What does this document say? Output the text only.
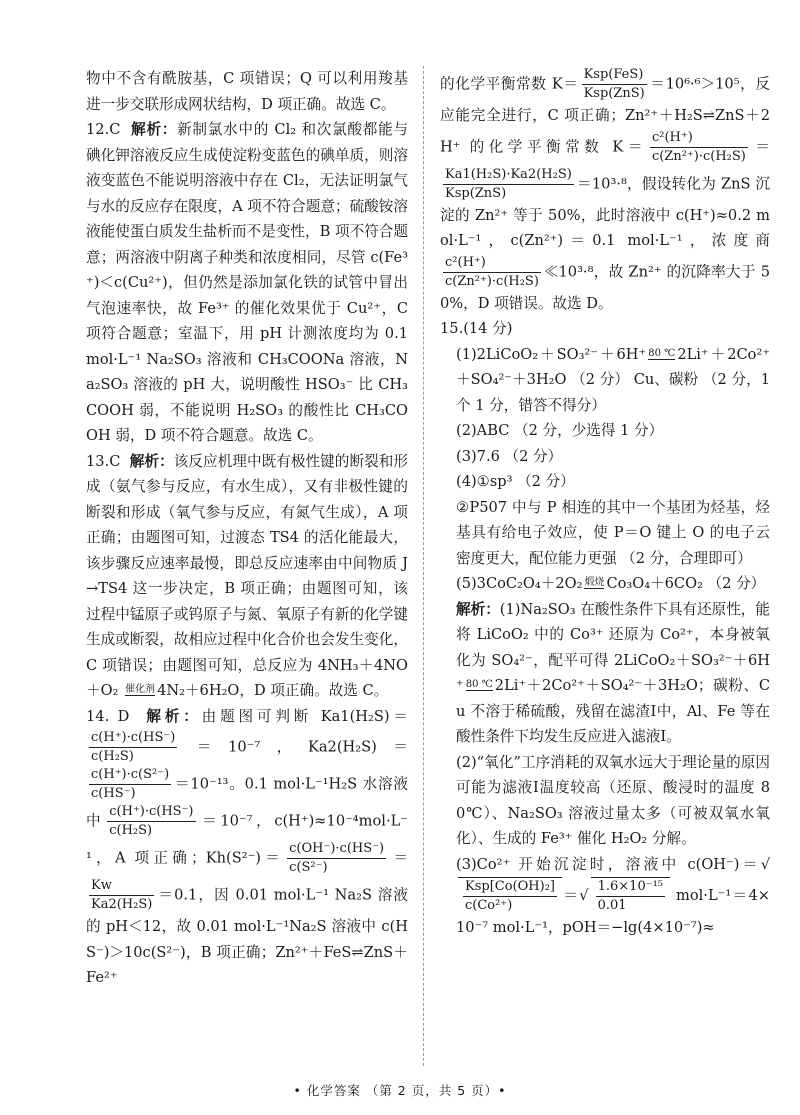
物中不含有酰胺基，C 项错误；Q 可以利用羧基进一步交联形成网状结构，D 项正确。故选 C。

12.C 解析：新制氯水中的 Cl₂ 和次氯酸都能与碘化钾溶液反应生成使淀粉变蓝色的碘单质，则溶液变蓝色不能说明溶液中存在 Cl₂，无法证明氯气与水的反应存在限度，A 项不符合题意；硫酸铵溶液能使蛋白质发生盐析而不是变性，B 项不符合题意；两溶液中阴离子种类和浓度相同，尽管 c(Fe³⁺)＜c(Cu²⁺)，但仍然是添加氯化铁的试管中冒出气泡速率快，故 Fe³⁺ 的催化效果优于 Cu²⁺，C 项符合题意；室温下，用 pH 计测浓度均为 0.1 mol·L⁻¹ Na₂SO₃ 溶液和 CH₃COONa 溶液，Na₂SO₃ 溶液的 pH 大，说明酸性 HSO₃⁻ 比 CH₃COOH 弱，不能说明 H₂SO₃ 的酸性比 CH₃COOH 弱，D 项不符合题意。故选 C。

13.C 解析：该反应机理中既有极性键的断裂和形成（氨气参与反应，有水生成），又有非极性键的断裂和形成（氧气参与反应，有氮气生成），A 项正确；由题图可知，过渡态 TS4 的活化能最大，该步骤反应速率最慢，即总反应速率由中间物质 J→TS4 这一步决定，B 项正确；由题图可知，该过程中锰原子或钨原子与氮、氧原子有新的化学键生成或断裂，故相应过程中化合价也会发生变化，C 项错误；由题图可知，总反应为 4NH₃＋4NO＋O₂ 催化剂 4N₂＋6H₂O，D 项正确。故选 C。

14. D 解析：由题图可判断 Ka1(H₂S)＝
$\frac{c(H^+)\cdot c(HS^-)}{\text{c(H₂S)}} =10^{-7}$，Ka2(H₂S)＝
$\frac{\text{c(H⁺)·c(S²⁻)}}{c(HS^-)} =10^{-13}$。0.1 mol·L⁻¹H₂S 水溶液中 $\frac{c(H^+)\cdot c(HS^-)}{\text{c(H₂S)}} =10^{-7}$，c(H⁺)≈10⁻⁴mol·L⁻¹，A 项正确；$Kh(S^{2-})= \frac{c(OH^-)\cdot c(HS^-)}{\text{c(S²⁻)}}$ ＝
$\frac{Kw}{\text{Ka2(H₂S)}} =0.1$，因 0.01 mol·L⁻¹ Na₂S 溶液的 pH＜12，故 0.01 mol·L⁻¹Na₂S 溶液中 c(HS⁻)＞10c(S²⁻)，B 项正确；Zn²⁺＋FeS⇌ZnS＋Fe²⁺

的化学平衡常数 $K= \frac{\text{Ksp(FeS)}}{\text{Ksp(ZnS)}} =10^6\cdot^6>10^5$，反应能完全进行，C 项正确；Zn²⁺＋H₂S⇌ZnS＋2H⁺ 的化学平衡常数 $K= \frac{\text{c²(H⁺)}}{\text{c(Zn²⁺)·c(H₂S)}}$ ＝
$\frac{\text{Ka1(H₂S)·Ka2(H₂S)}}{\text{Ksp(ZnS)}} =10^3\cdot^8$，假设转化为 ZnS 沉淀的 Zn²⁺ 等于 50%，此时溶液中 c(H⁺)≈0.2 mol·L⁻¹，c(Zn²⁺)＝0.1 mol·L⁻¹，浓度商
$\frac{\text{c²(H⁺)}}{\text{c(Zn²⁺)·c(H₂S)}}$ ≪10³·⁸，故 Zn²⁺ 的沉降率大于 50%，D 项错误。故选 D。

15.(14 分)

(1)2LiCoO₂＋SO₃²⁻＋6H⁺ 80 ℃ 2Li⁺＋2Co²⁺＋SO₄²⁻＋3H₂O （2 分） Cu、碳粉 （2 分，1 个 1 分，错答不得分）

(2)ABC （2 分，少选得 1 分）

(3)7.6 （2 分）

(4)①sp³ （2 分）

②P507 中与 P 相连的其中一个基团为烃基，烃基具有给电子效应，使 P＝O 键上 O 的电子云密度更大，配位能力更强 （2 分，合理即可）

(5)3CoC₂O₄＋2O₂ 煅烧 Co₃O₄＋6CO₂ （2 分）

解析：(1)Na₂SO₃ 在酸性条件下具有还原性，能将 LiCoO₂ 中的 Co³⁺ 还原为 Co²⁺，本身被氧化为 SO₄²⁻，配平可得 2LiCoO₂＋SO₃²⁻＋6H⁺ 80 ℃ 2Li⁺＋2Co²⁺＋SO₄²⁻＋3H₂O；碳粉、Cu 不溶于稀硫酸，残留在滤渣Ⅰ中，Al、Fe 等在酸性条件下均发生反应进入滤液Ⅰ。

(2)“氧化”工序消耗的双氧水远大于理论量的原因可能为滤液Ⅰ温度较高（还原、酸浸时的温度 80℃）、Na₂SO₃ 溶液过量太多（可被双氧水氧化）、生成的 Fe³⁺ 催化 H₂O₂ 分解。

(3)Co²⁺ 开始沉淀时，溶液中 c(OH⁻)＝√
$\frac{\text{Ksp[Co(OH)₂]}}{\text{c(Co²⁺)}}$ ＝√ $\frac{\text{1.6×10⁻¹⁵}}{0.01} mol\cdot L^{-1}=4\times 10^{-7}$ mol·L⁻¹，pOH＝−lg(4×10⁻⁷)≈

• 化学答案 （第 2 页，共 5 页）•
